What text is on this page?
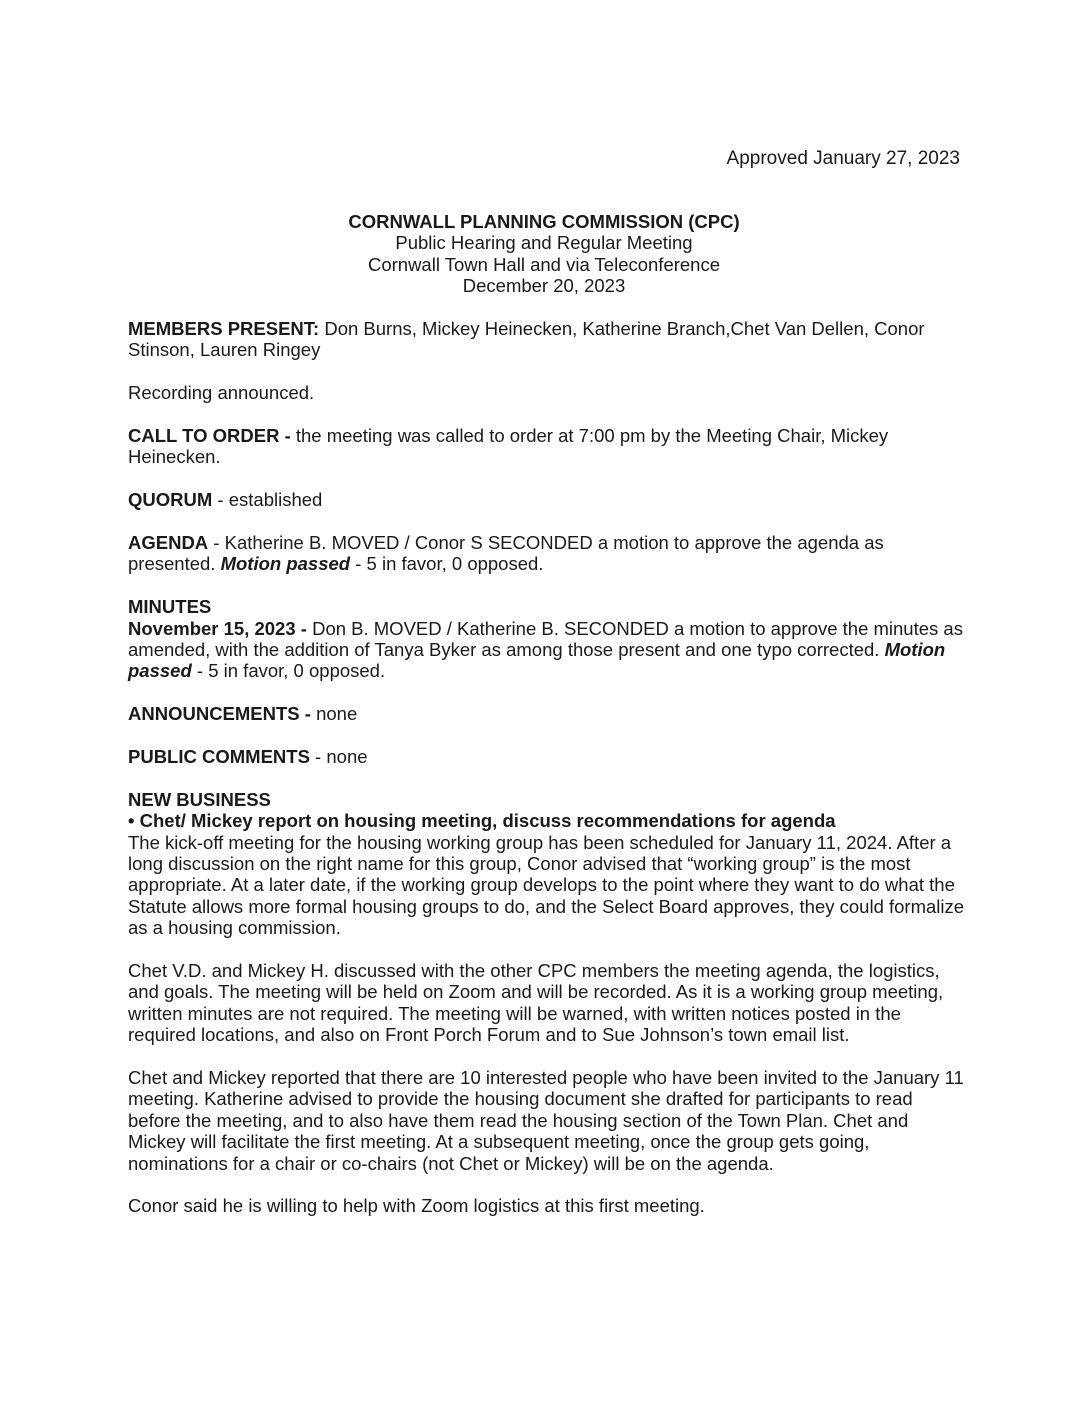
Approved January 27, 2023
CORNWALL PLANNING COMMISSION (CPC)
Public Hearing and Regular Meeting
Cornwall Town Hall and via Teleconference
December 20, 2023

MEMBERS PRESENT: Don Burns, Mickey Heinecken, Katherine Branch,Chet Van Dellen, Conor Stinson, Lauren Ringey

Recording announced.

CALL TO ORDER - the meeting was called to order at 7:00 pm by the Meeting Chair, Mickey Heinecken.

QUORUM - established

AGENDA - Katherine B. MOVED / Conor S SECONDED a motion to approve the agenda as presented. Motion passed - 5 in favor, 0 opposed.

MINUTES

November 15, 2023 - Don B. MOVED / Katherine B. SECONDED a motion to approve the minutes as amended, with the addition of Tanya Byker as among those present and one typo corrected. Motion passed - 5 in favor, 0 opposed.

ANNOUNCEMENTS - none

PUBLIC COMMENTS - none

NEW BUSINESS
• Chet/ Mickey report on housing meeting, discuss recommendations for agenda

The kick-off meeting for the housing working group has been scheduled for January 11, 2024. After a long discussion on the right name for this group, Conor advised that “working group” is the most appropriate. At a later date, if the working group develops to the point where they want to do what the Statute allows more formal housing groups to do, and the Select Board approves, they could formalize as a housing commission.

Chet V.D. and Mickey H. discussed with the other CPC members the meeting agenda, the logistics, and goals. The meeting will be held on Zoom and will be recorded. As it is a working group meeting, written minutes are not required. The meeting will be warned, with written notices posted in the required locations, and also on Front Porch Forum and to Sue Johnson’s town email list.

Chet and Mickey reported that there are 10 interested people who have been invited to the January 11 meeting. Katherine advised to provide the housing document she drafted for participants to read before the meeting, and to also have them read the housing section of the Town Plan. Chet and Mickey will facilitate the first meeting. At a subsequent meeting, once the group gets going, nominations for a chair or co-chairs (not Chet or Mickey) will be on the agenda.

Conor said he is willing to help with Zoom logistics at this first meeting.
